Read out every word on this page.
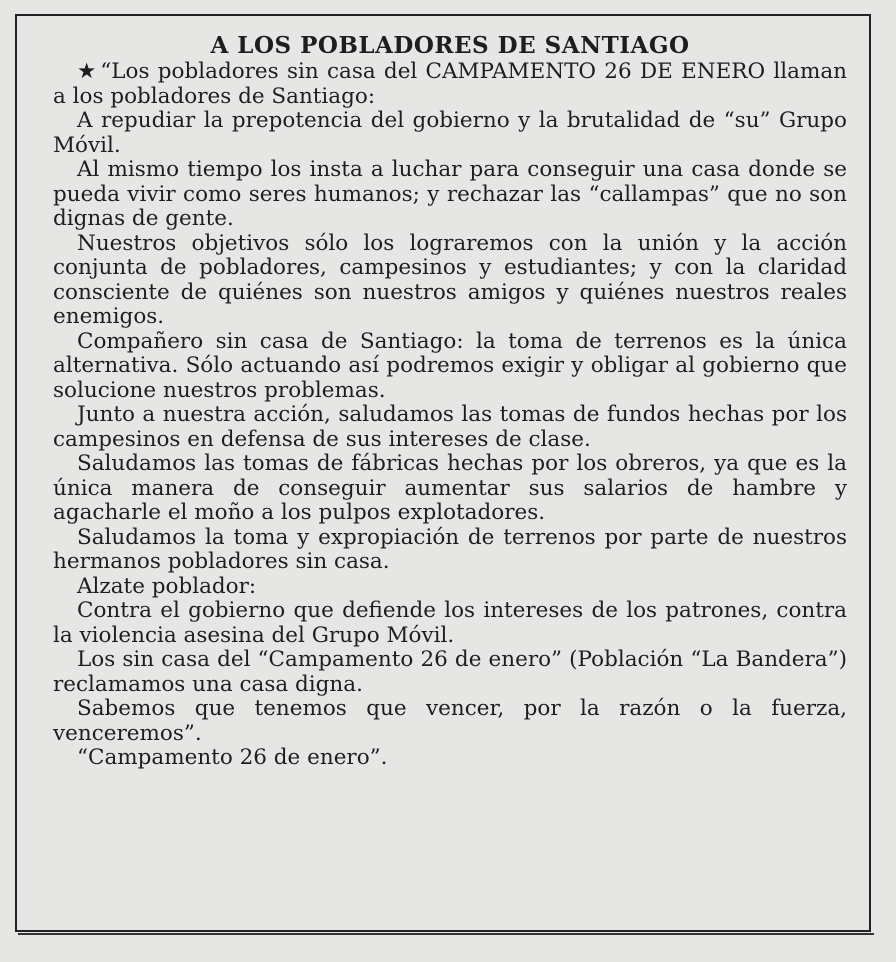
A LOS POBLADORES DE SANTIAGO

★ “Los pobladores sin casa del CAMPAMENTO 26 DE ENERO llaman a los pobladores de Santiago:

A repudiar la prepotencia del gobierno y la brutalidad de “su” Grupo Móvil.

Al mismo tiempo los insta a luchar para conseguir una casa donde se pueda vivir como seres humanos; y rechazar las “callampas” que no son dignas de gente.

Nuestros objetivos sólo los lograremos con la unión y la acción conjunta de pobladores, campesinos y estudiantes; y con la claridad consciente de quiénes son nuestros amigos y quiénes nuestros reales enemigos.

Compañero sin casa de Santiago: la toma de terrenos es la única alternativa. Sólo actuando así podremos exigir y obligar al gobierno que solucione nuestros problemas.

Junto a nuestra acción, saludamos las tomas de fundos hechas por los campesinos en defensa de sus intereses de clase.

Saludamos las tomas de fábricas hechas por los obreros, ya que es la única manera de conseguir aumentar sus salarios de hambre y agacharle el moño a los pulpos explotadores.

Saludamos la toma y expropiación de terrenos por parte de nuestros hermanos pobladores sin casa.

Alzate poblador:

Contra el gobierno que defiende los intereses de los patrones, contra la violencia asesina del Grupo Móvil.

Los sin casa del “Campamento 26 de enero” (Población “La Bandera”) reclamamos una casa digna.

Sabemos que tenemos que vencer, por la razón o la fuerza, venceremos”.

“Campamento 26 de enero”.
